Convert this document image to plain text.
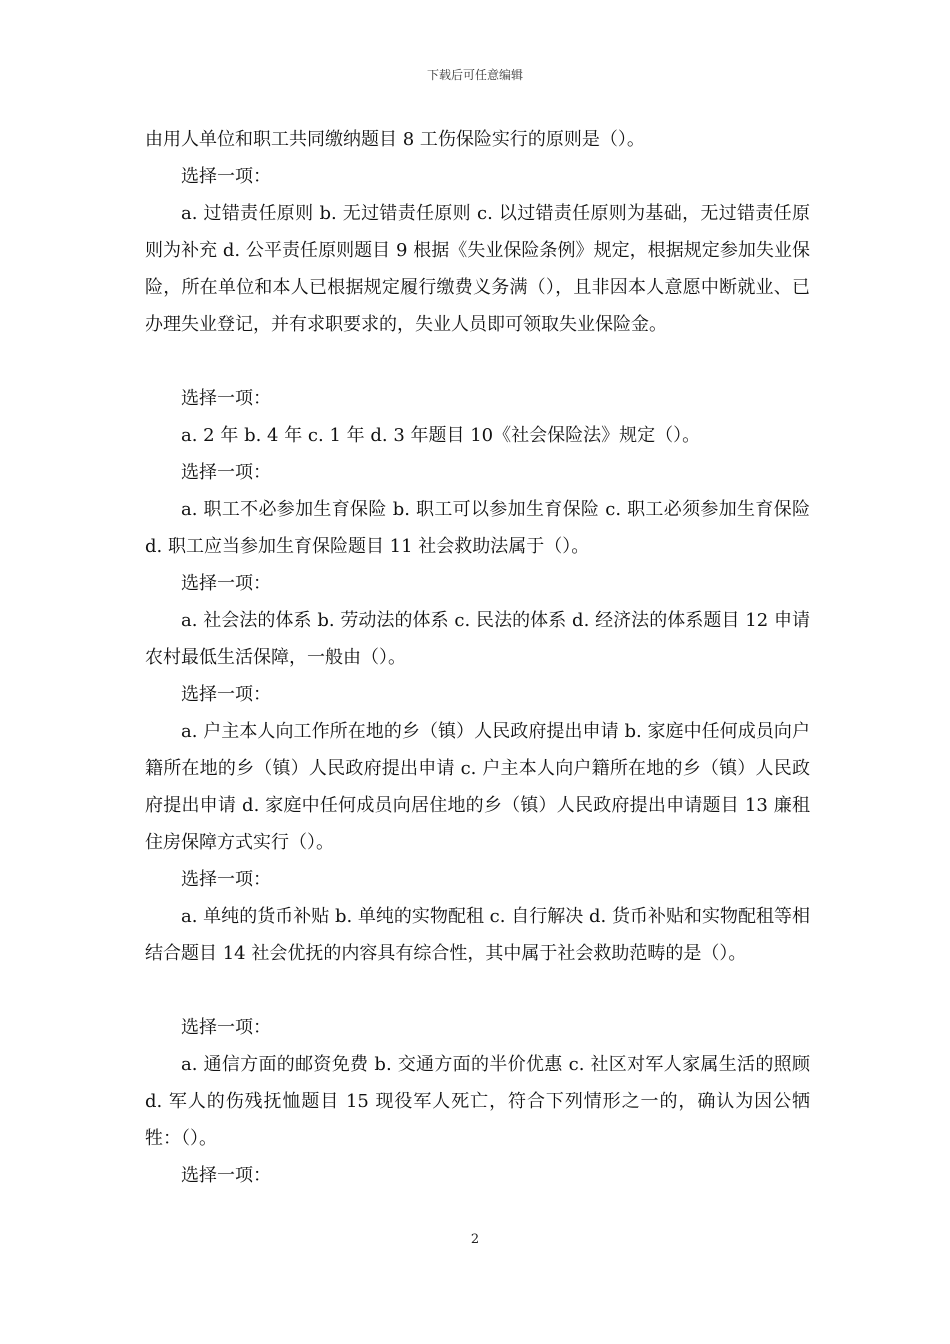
下载后可任意编辑

由用人单位和职工共同缴纳题目 8 工伤保险实行的原则是（）。

选择一项：

a. 过错责任原则 b. 无过错责任原则 c. 以过错责任原则为基础，无过错责任原则为补充 d. 公平责任原则题目 9 根据《失业保险条例》规定，根据规定参加失业保险，所在单位和本人已根据规定履行缴费义务满（），且非因本人意愿中断就业、已办理失业登记，并有求职要求的，失业人员即可领取失业保险金。

选择一项：

a. 2 年 b. 4 年 c. 1 年 d. 3 年题目 10《社会保险法》规定（）。

选择一项：

a. 职工不必参加生育保险 b. 职工可以参加生育保险 c. 职工必须参加生育保险 d. 职工应当参加生育保险题目 11 社会救助法属于（）。

选择一项：

a. 社会法的体系 b. 劳动法的体系 c. 民法的体系 d. 经济法的体系题目 12 申请农村最低生活保障，一般由（）。

选择一项：

a. 户主本人向工作所在地的乡（镇）人民政府提出申请 b. 家庭中任何成员向户籍所在地的乡（镇）人民政府提出申请 c. 户主本人向户籍所在地的乡（镇）人民政府提出申请 d. 家庭中任何成员向居住地的乡（镇）人民政府提出申请题目 13 廉租住房保障方式实行（）。

选择一项：

a. 单纯的货币补贴 b. 单纯的实物配租 c. 自行解决 d. 货币补贴和实物配租等相结合题目 14 社会优抚的内容具有综合性，其中属于社会救助范畴的是（）。

选择一项：

a. 通信方面的邮资免费 b. 交通方面的半价优惠 c. 社区对军人家属生活的照顾 d. 军人的伤残抚恤题目 15 现役军人死亡，符合下列情形之一的，确认为因公牺牲：（）。

选择一项：

2
